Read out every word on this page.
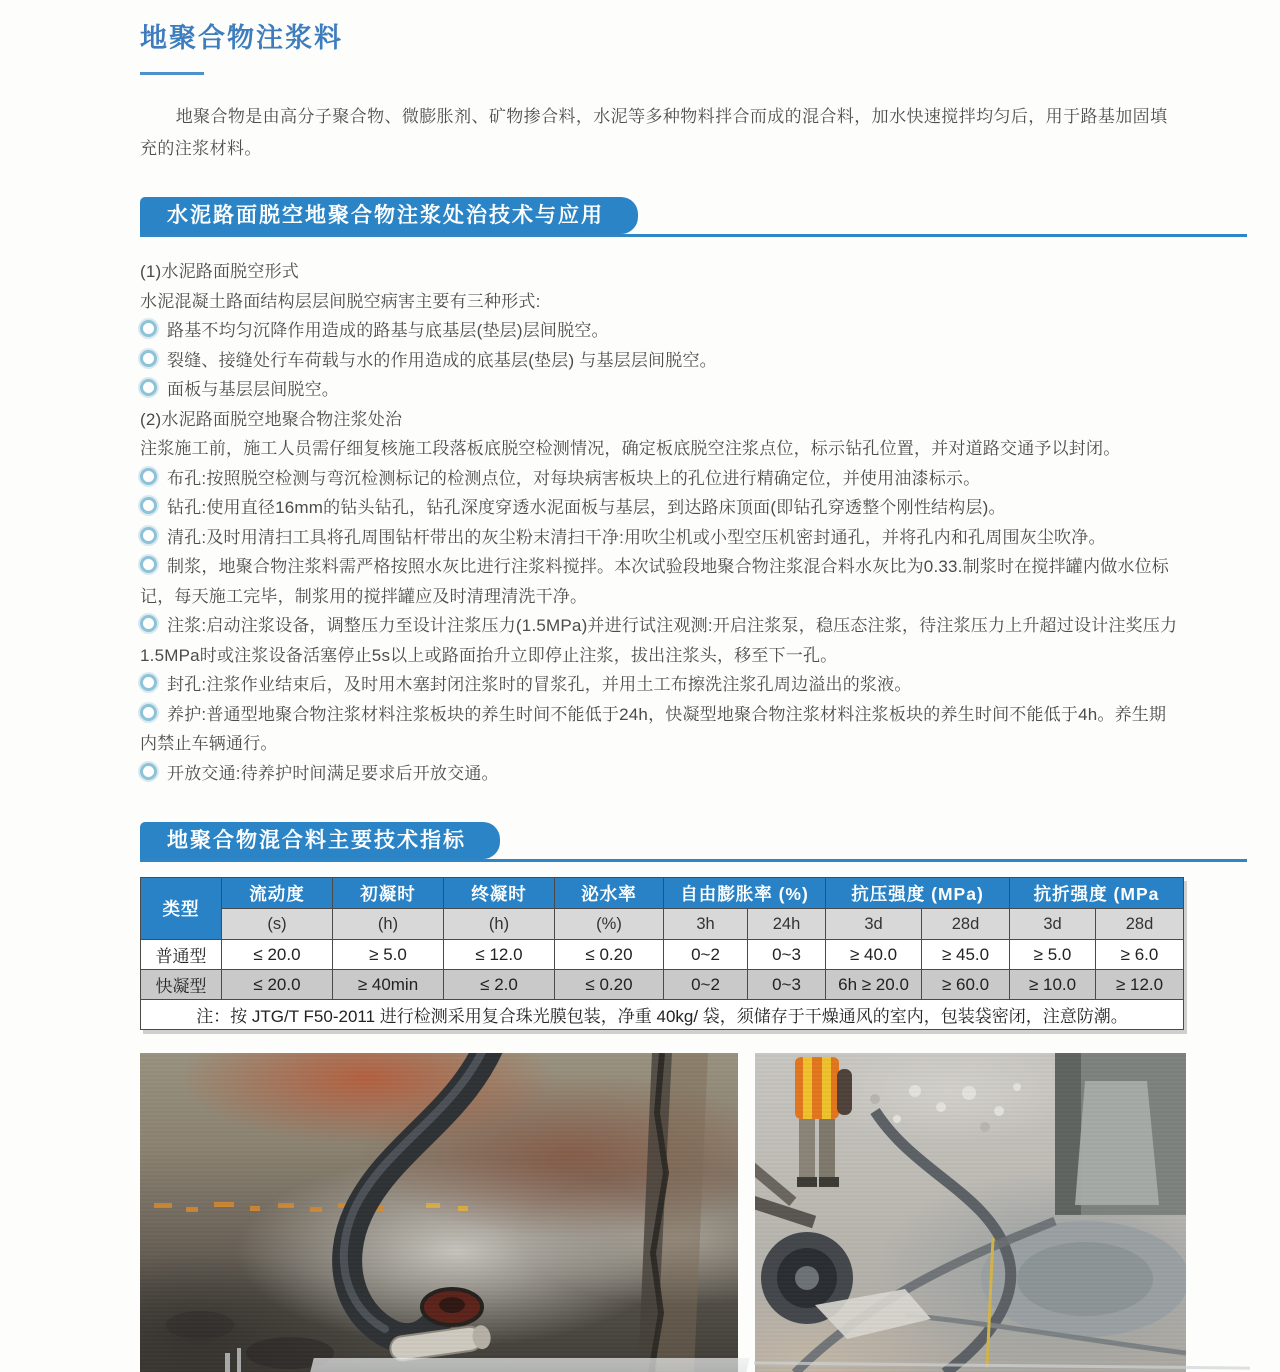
地聚合物注浆料

地聚合物是由高分子聚合物、微膨胀剂、矿物掺合料，水泥等多种物料拌合而成的混合料，加水快速搅拌均匀后，用于路基加固填充的注浆材料。

水泥路面脱空地聚合物注浆处治技术与应用
(1)水泥路面脱空形式
水泥混凝土路面结构层层间脱空病害主要有三种形式:
路基不均匀沉降作用造成的路基与底基层(垫层)层间脱空。
裂缝、接缝处行车荷载与水的作用造成的底基层(垫层) 与基层层间脱空。
面板与基层层间脱空。
(2)水泥路面脱空地聚合物注浆处治
注浆施工前，施工人员需仔细复核施工段落板底脱空检测情况，确定板底脱空注浆点位，标示钻孔位置，并对道路交通予以封闭。
布孔:按照脱空检测与弯沉检测标记的检测点位，对每块病害板块上的孔位进行精确定位，并使用油漆标示。
钻孔:使用直径16mm的钻头钻孔，钻孔深度穿透水泥面板与基层，到达路床顶面(即钻孔穿透整个刚性结构层)。
清孔:及时用清扫工具将孔周围钻杆带出的灰尘粉末清扫干净:用吹尘机或小型空压机密封通孔，并将孔内和孔周围灰尘吹净。
制浆，地聚合物注浆料需严格按照水灰比进行注浆料搅拌。本次试验段地聚合物注浆混合料水灰比为0.33.制浆时在搅拌罐内做水位标记，每天施工完毕，制浆用的搅拌罐应及时清理清洗干净。
注浆:启动注浆设备，调整压力至设计注浆压力(1.5MPa)并进行试注观测:开启注浆泵，稳压态注浆，待注浆压力上升超过设计注奖压力1.5MPa时或注浆设备活塞停止5s以上或路面抬升立即停止注浆，拔出注浆头，移至下一孔。
封孔:注浆作业结束后，及时用木塞封闭注浆时的冒浆孔，并用土工布擦洗注浆孔周边溢出的浆液。
养护:普通型地聚合物注浆材料注浆板块的养生时间不能低于24h，快凝型地聚合物注浆材料注浆板块的养生时间不能低于4h。养生期内禁止车辆通行。
开放交通:待养护时间满足要求后开放交通。
地聚合物混合料主要技术指标
类型	流动度	初凝时	终凝时	泌水率	自由膨胀率 (%)		抗压强度 (MPa)		抗折强度 (MPa	
	(s)	(h)	(h)	(%)	3h	24h	3d	28d	3d	28d
普通型	≤ 20.0	≥ 5.0	≤ 12.0	≤ 0.20	0~2	0~3	≥ 40.0	≥ 45.0	≥ 5.0	≥ 6.0
快凝型	≤ 20.0	≥ 40min	≤ 2.0	≤ 0.20	0~2	0~3	6h ≥ 20.0	≥ 60.0	≥ 10.0	≥ 12.0
注：按 JTG/T F50-2011 进行检测采用复合珠光膜包装，净重 40kg/ 袋，须储存于干燥通风的室内，包装袋密闭，注意防潮。										
